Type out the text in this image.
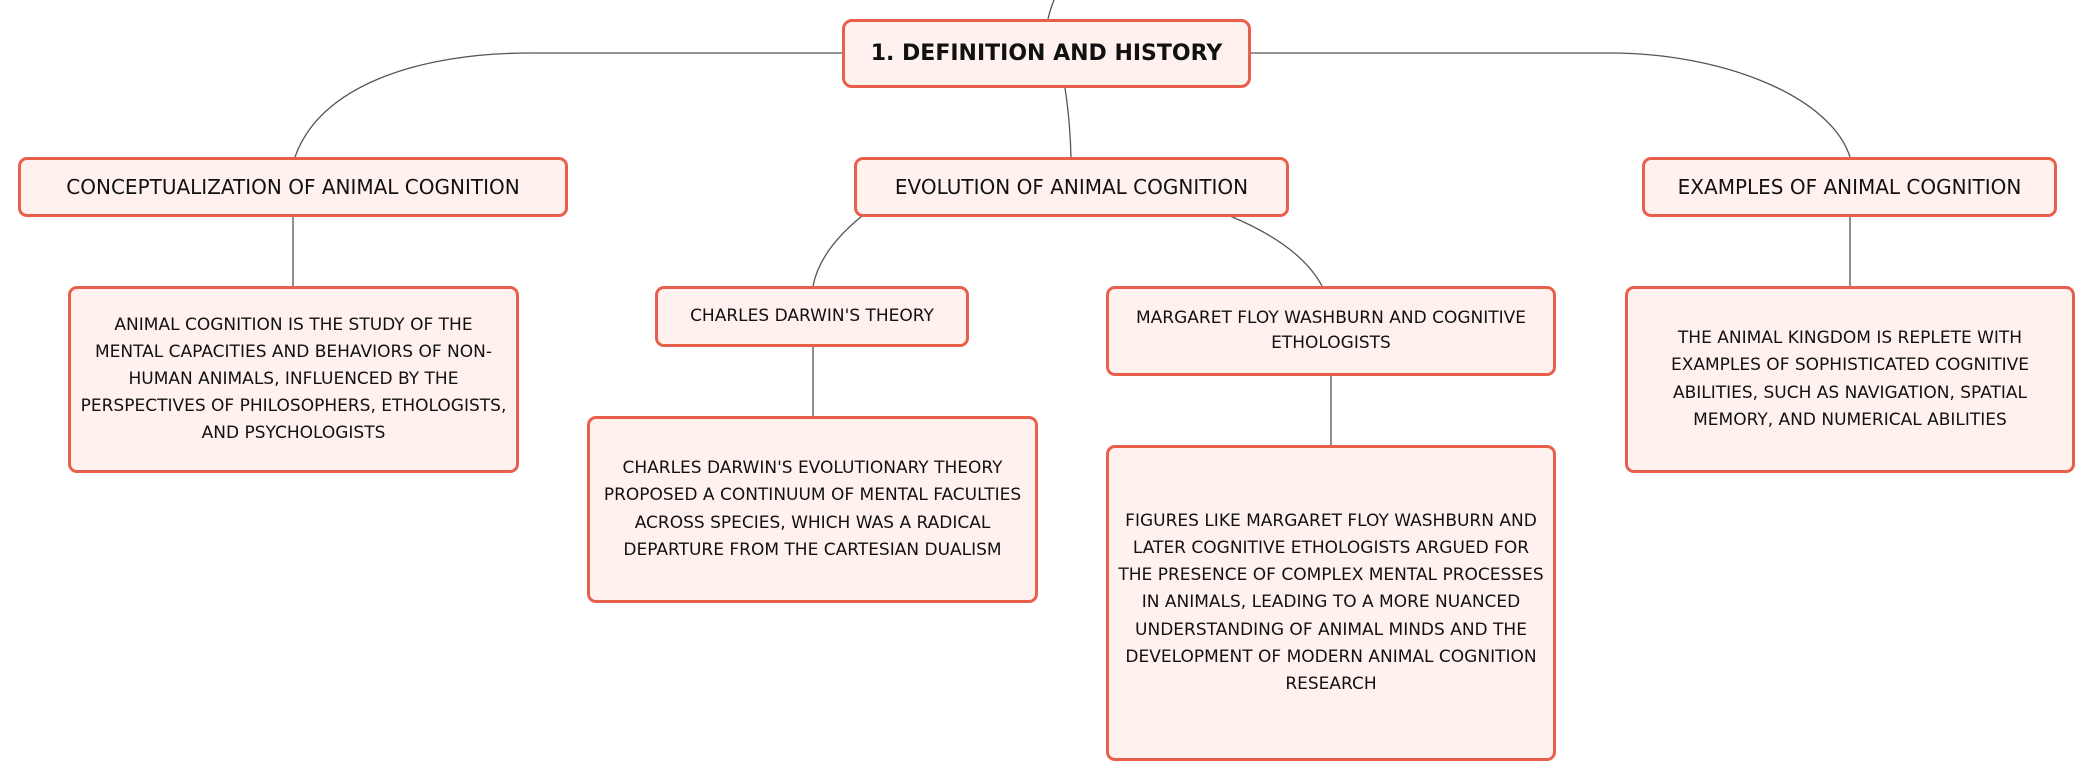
1. DEFINITION AND HISTORY
CONCEPTUALIZATION OF ANIMAL COGNITION	EVOLUTION OF ANIMAL COGNITION	EXAMPLES OF ANIMAL COGNITION
ANIMAL COGNITION IS THE STUDY OF THE MENTAL CAPACITIES AND BEHAVIORS OF NON-HUMAN ANIMALS, INFLUENCED BY THE PERSPECTIVES OF PHILOSOPHERS, ETHOLOGISTS, AND PSYCHOLOGISTS
CHARLES DARWIN'S THEORY	MARGARET FLOY WASHBURN AND COGNITIVE ETHOLOGISTS	THE ANIMAL KINGDOM IS REPLETE WITH EXAMPLES OF SOPHISTICATED COGNITIVE ABILITIES, SUCH AS NAVIGATION, SPATIAL MEMORY, AND NUMERICAL ABILITIES
CHARLES DARWIN'S EVOLUTIONARY THEORY PROPOSED A CONTINUUM OF MENTAL FACULTIES ACROSS SPECIES, WHICH WAS A RADICAL DEPARTURE FROM THE CARTESIAN DUALISM
FIGURES LIKE MARGARET FLOY WASHBURN AND LATER COGNITIVE ETHOLOGISTS ARGUED FOR THE PRESENCE OF COMPLEX MENTAL PROCESSES IN ANIMALS, LEADING TO A MORE NUANCED UNDERSTANDING OF ANIMAL MINDS AND THE DEVELOPMENT OF MODERN ANIMAL COGNITION RESEARCH
